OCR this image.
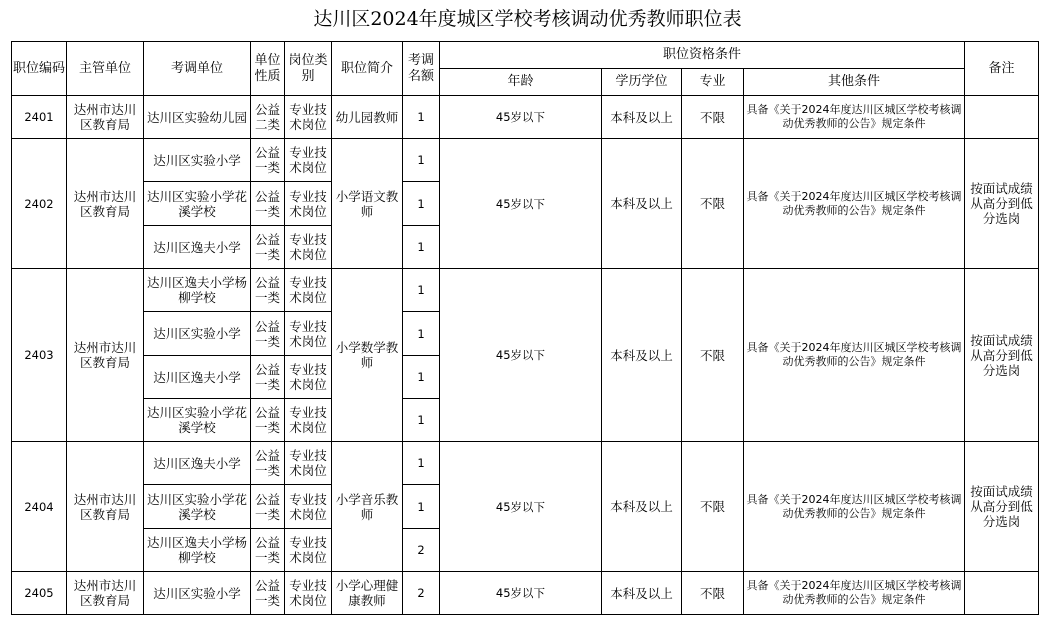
达川区2024年度城区学校考核调动优秀教师职位表
职位编码	主管单位	考调单位	单位性质	岗位类别	职位简介	考调名额	职位资格条件				备注
							年龄	学历学位	专业	其他条件	
2401	达州市达川区教育局	达川区实验幼儿园	公益二类	专业技术岗位	幼儿园教师	1	45岁以下	本科及以上	不限	具备《关于2024年度达川区城区学校考核调动优秀教师的公告》规定条件	
2402	达州市达川区教育局	达川区实验小学	公益一类	专业技术岗位	小学语文教师	1	45岁以下	本科及以上	不限	具备《关于2024年度达川区城区学校考核调动优秀教师的公告》规定条件	按面试成绩从高分到低分选岗
		达川区实验小学花溪学校	公益一类	专业技术岗位		1					
		达川区逸夫小学	公益一类	专业技术岗位		1					
2403	达州市达川区教育局	达川区逸夫小学杨柳学校	公益一类	专业技术岗位	小学数学教师	1	45岁以下	本科及以上	不限	具备《关于2024年度达川区城区学校考核调动优秀教师的公告》规定条件	按面试成绩从高分到低分选岗
		达川区实验小学	公益一类	专业技术岗位		1					
		达川区逸夫小学	公益一类	专业技术岗位		1					
		达川区实验小学花溪学校	公益一类	专业技术岗位		1					
2404	达州市达川区教育局	达川区逸夫小学	公益一类	专业技术岗位	小学音乐教师	1	45岁以下	本科及以上	不限	具备《关于2024年度达川区城区学校考核调动优秀教师的公告》规定条件	按面试成绩从高分到低分选岗
		达川区实验小学花溪学校	公益一类	专业技术岗位		1					
		达川区逸夫小学杨柳学校	公益一类	专业技术岗位		2					
2405	达州市达川区教育局	达川区实验小学	公益一类	专业技术岗位	小学心理健康教师	2	45岁以下	本科及以上	不限	具备《关于2024年度达川区城区学校考核调动优秀教师的公告》规定条件	
